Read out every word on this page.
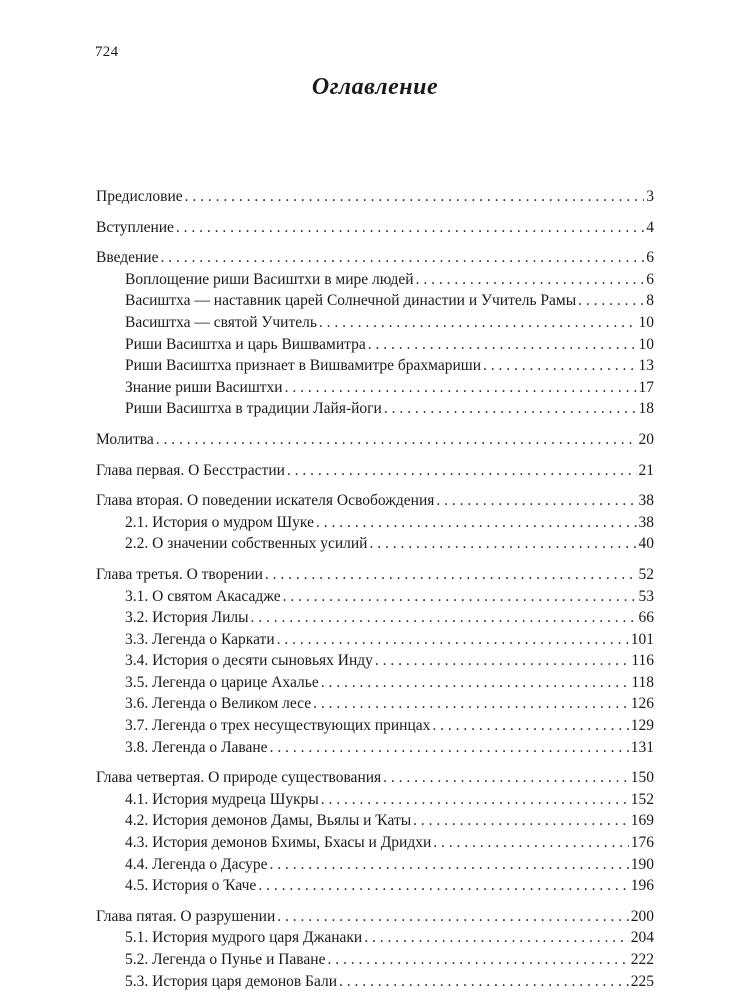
724
Оглавление
Предисловие . . .	3
Вступление . . .	4
Введение . . .	6
Воплощение риши Васиштхи в мире людей . . .	6
Васиштха — наставник царей Солнечной династии и Учитель Рамы . . .	8
Васиштха — святой Учитель . . .	10
Риши Васиштха и царь Вишвамитра . . .	10
Риши Васиштха признает в Вишвамитре брахмариши . . .	13
Знание риши Васиштхи . . .	17
Риши Васиштха в традиции Лайя-йоги . . .	18
Молитва . . .	20
Глава первая. О Бесстрастии . . .	21
Глава вторая. О поведении искателя Освобождения . . .	38
2.1. История о мудром Шуке . . .	38
2.2. О значении собственных усилий . . .	40
Глава третья. О творении . . .	52
3.1. О святом Акасадже . . .	53
3.2. История Лилы . . .	66
3.3. Легенда о Каркати . . .	101
3.4. История о десяти сыновьях Инду . . .	116
3.5. Легенда о царице Ахалье . . .	118
3.6. Легенда о Великом лесе . . .	126
3.7. Легенда о трех несуществующих принцах . . .	129
3.8. Легенда о Лаване . . .	131
Глава четвертая. О природе существования . . .	150
4.1. История мудреца Шукры . . .	152
4.2. История демонов Дамы, Вьялы и Ҡаты . . .	169
4.3. История демонов Бхимы, Бхасы и Дридхи . . .	176
4.4. Легенда о Дасуре . . .	190
4.5. История о Ҡаче . . .	196
Глава пятая. О разрушении . . .	200
5.1. История мудрого царя Джанаки . . .	204
5.2. Легенда о Пунье и Паване . . .	222
5.3. История царя демонов Бали . . .	225
